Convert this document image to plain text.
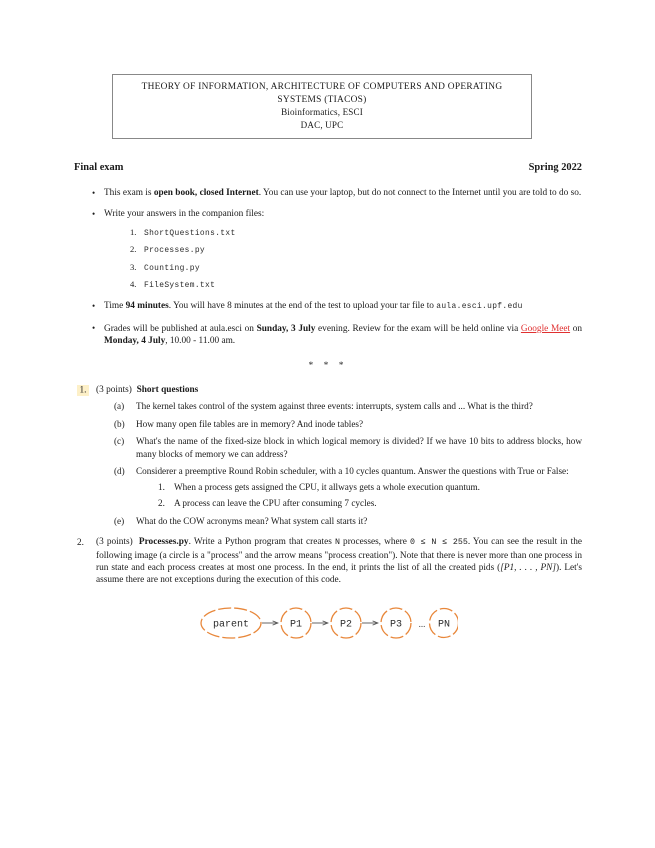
THEORY OF INFORMATION, ARCHITECTURE OF COMPUTERS AND OPERATING
SYSTEMS (TIACOS)
Bioinformatics, ESCI
DAC, UPC
Final exam	Spring 2022
• This exam is open book, closed Internet. You can use your laptop, but do not connect to the Internet until you are told to do so.
• Write your answers in the companion files:
ShortQuestions.txt
Processes.py
Counting.py
FileSystem.txt
• Time 94 minutes. You will have 8 minutes at the end of the test to upload your tar file to aula.esci.upf.edu
• Grades will be published at aula.esci on Sunday, 3 July evening. Review for the exam will be held online via Google Meet on Monday, 4 July, 10.00 - 11.00 am.
* * *
1. (3 points) Short questions
(a) The kernel takes control of the system against three events: interrupts, system calls and ... What is the third?
(b) How many open file tables are in memory? And inode tables?
(c) What's the name of the fixed-size block in which logical memory is divided? If we have 10 bits to address blocks, how many blocks of memory we can address?
(d) Considerer a preemptive Round Robin scheduler, with a 10 cycles quantum. Answer the questions with True or False:
1. When a process gets assigned the CPU, it allways gets a whole execution quantum.
2. A process can leave the CPU after consuming 7 cycles.
(e) What do the COW acronyms mean? What system call starts it?
2. (3 points) Processes.py. Write a Python program that creates N processes, where 0 ≤ N ≤ 255. You can see the result in the following image (a circle is a "process" and the arrow means "process creation"). Note that there is never more than one process in run state and each process creates at most one process. In the end, it prints the list of all the created pids ([P1, . . . , PN]). Let's assume there are not exceptions during the execution of this code.
parent	P1	P2	P3 ... PN
